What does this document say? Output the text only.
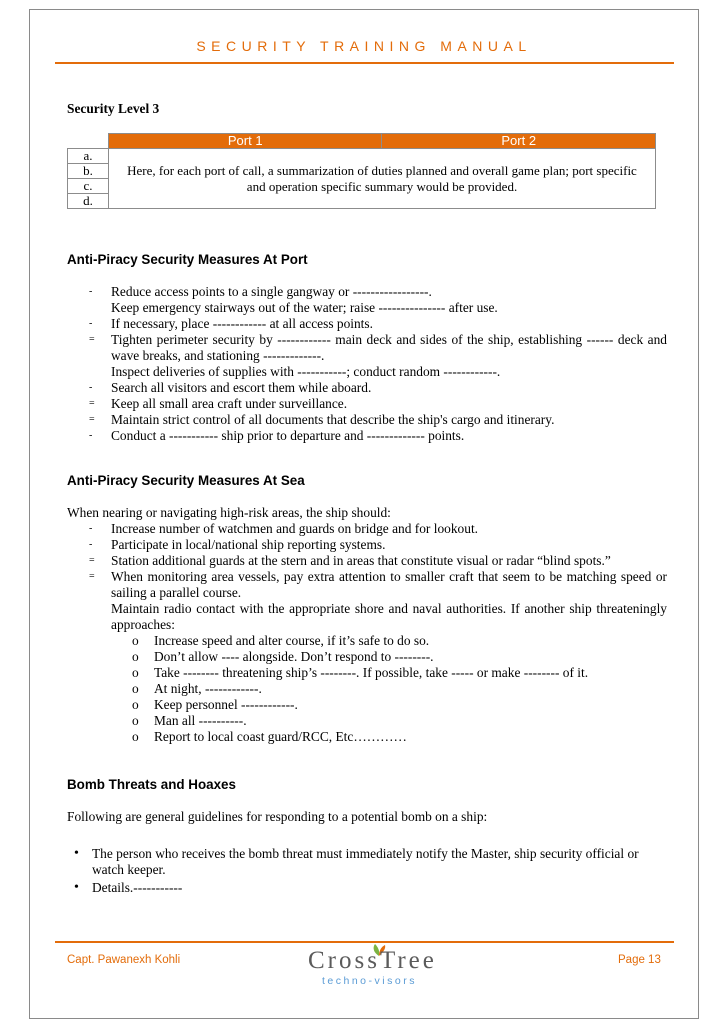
SECURITY TRAINING MANUAL
Security Level 3
	Port 1	Port 2
a.	Here, for each port of call, a summarization of duties planned and overall game plan; port specific and operation specific summary would be provided.	
b.		
c.		
d.		
Anti-Piracy Security Measures At Port
- Reduce access points to a single gangway or -----------------.
Keep emergency stairways out of the water; raise --------------- after use.
- If necessary, place ------------ at all access points.
= Tighten perimeter security by ------------ main deck and sides of the ship, establishing ------ deck and wave breaks, and stationing -------------.
Inspect deliveries of supplies with -----------; conduct random ------------.
- Search all visitors and escort them while aboard.
= Keep all small area craft under surveillance.
= Maintain strict control of all documents that describe the ship's cargo and itinerary.
- Conduct a ----------- ship prior to departure and ------------- points.
Anti-Piracy Security Measures At Sea
When nearing or navigating high-risk areas, the ship should:
- Increase number of watchmen and guards on bridge and for lookout.
- Participate in local/national ship reporting systems.
= Station additional guards at the stern and in areas that constitute visual or radar “blind spots.”
= When monitoring area vessels, pay extra attention to smaller craft that seem to be matching speed or sailing a parallel course.
Maintain radio contact with the appropriate shore and naval authorities. If another ship threateningly approaches:
o Increase speed and alter course, if it’s safe to do so.
o Don’t allow ---- alongside. Don’t respond to --------.
o Take -------- threatening ship’s --------. If possible, take ----- or make -------- of it.
o At night, ------------.
o Keep personnel ------------.
o Man all ----------.
o Report to local coast guard/RCC, Etc…………
Bomb Threats and Hoaxes
Following are general guidelines for responding to a potential bomb on a ship:
• The person who receives the bomb threat must immediately notify the Master, ship security official or watch keeper.
• Details.-----------
Capt. Pawanexh Kohli	CrossTree
techno-visors
Page 13
